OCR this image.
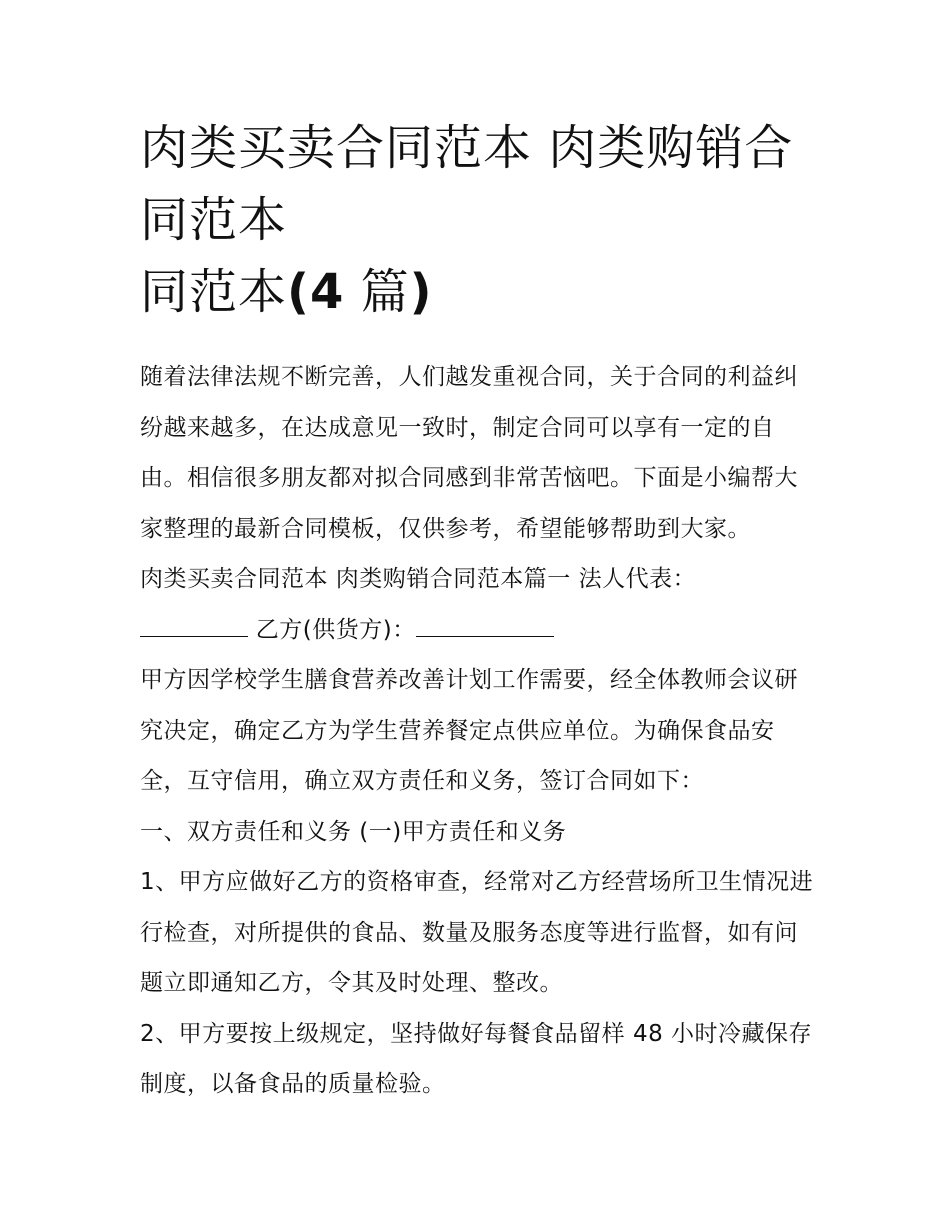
肉类买卖合同范本 肉类购销合同范本
同范本(4 篇)

随着法律法规不断完善，人们越发重视合同，关于合同的利益纠纷越来越多，在达成意见一致时，制定合同可以享有一定的自由。相信很多朋友都对拟合同感到非常苦恼吧。下面是小编帮大家整理的最新合同模板，仅供参考，希望能够帮助到大家。

肉类买卖合同范本 肉类购销合同范本篇一 法人代表：

乙方(供货方)：

甲方因学校学生膳食营养改善计划工作需要，经全体教师会议研究决定，确定乙方为学生营养餐定点供应单位。为确保食品安全，互守信用，确立双方责任和义务，签订合同如下：

一、双方责任和义务 (一)甲方责任和义务

1、甲方应做好乙方的资格审查，经常对乙方经营场所卫生情况进行检查，对所提供的食品、数量及服务态度等进行监督，如有问题立即通知乙方，令其及时处理、整改。

2、甲方要按上级规定，坚持做好每餐食品留样 48 小时冷藏保存制度，以备食品的质量检验。
